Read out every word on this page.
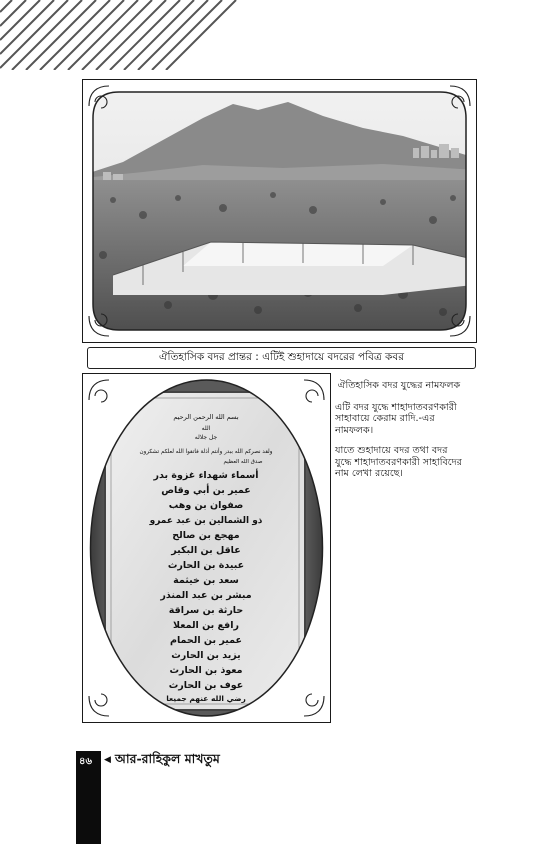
ঐতিহাসিক বদর প্রান্তর : এটিই শুহাদায়ে বদরের পবিত্র কবর
بسم الله الرحمن الرحيم
الله
جل جلاله
ولقد نصركم الله ببدر وأنتم أذلة فاتقوا الله لعلكم تشكرون
صدق الله العظيم
أسماء شهداء غزوة بدر
عمير بن أبي وقاص
صفوان بن وهب
ذو الشمالين بن عبد عمرو
مهجع بن صالح
عاقل بن البكير
عبيدة بن الحارث
سعد بن خيثمة
مبشر بن عبد المنذر
حارثة بن سراقة
رافع بن المعلا
عمير بن الحمام
يزيد بن الحارث
معوذ بن الحارث
عوف بن الحارث
رضي الله عنهم جميعا
ঐতিহাসিক বদর যুদ্ধের নামফলক

এটি বদর যুদ্ধে শাহাদাতবরণকারী সাহাবায়ে কেরাম রাদি.-এর নামফলক।

যাতে শুহাদায়ে বদর তথা বদর যুদ্ধে শাহাদাতবরণকারী সাহাবিদের নাম লেখা রয়েছে।

৪৬ ◀ আর-রাহিকুল মাখতুম
